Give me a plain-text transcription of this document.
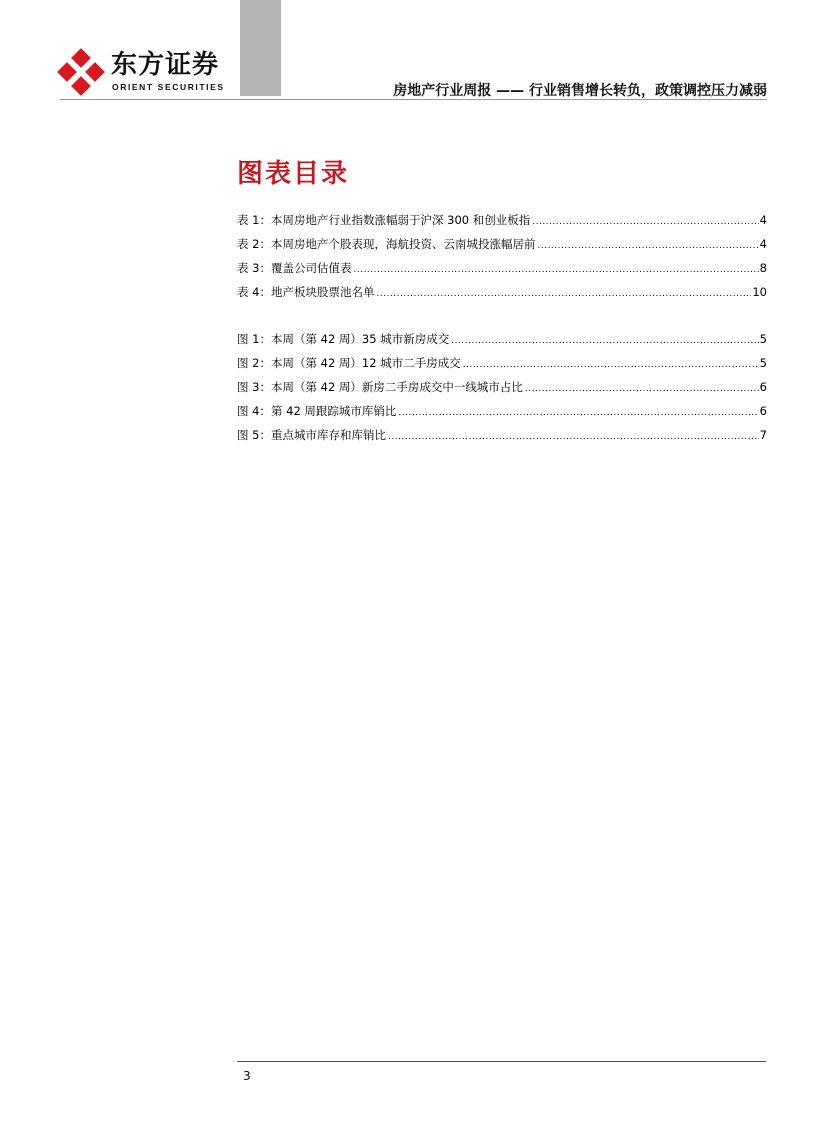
东方证券
ORIENT SECURITIES	房地产行业周报 —— 行业销售增长转负，政策调控压力减弱
图表目录
表 1：本周房地产行业指数涨幅弱于沪深 300 和创业板指 .....	4
表 2：本周房地产个股表现，海航投资、云南城投涨幅居前 .....	4
表 3：覆盖公司估值表 .....	8
表 4：地产板块股票池名单 .....	10
图 1：本周（第 42 周）35 城市新房成交 .....	5
图 2：本周（第 42 周）12 城市二手房成交 .....	5
图 3：本周（第 42 周）新房二手房成交中一线城市占比 .....	6
图 4：第 42 周跟踪城市库销比 .....	6
图 5：重点城市库存和库销比 .....	7
3
